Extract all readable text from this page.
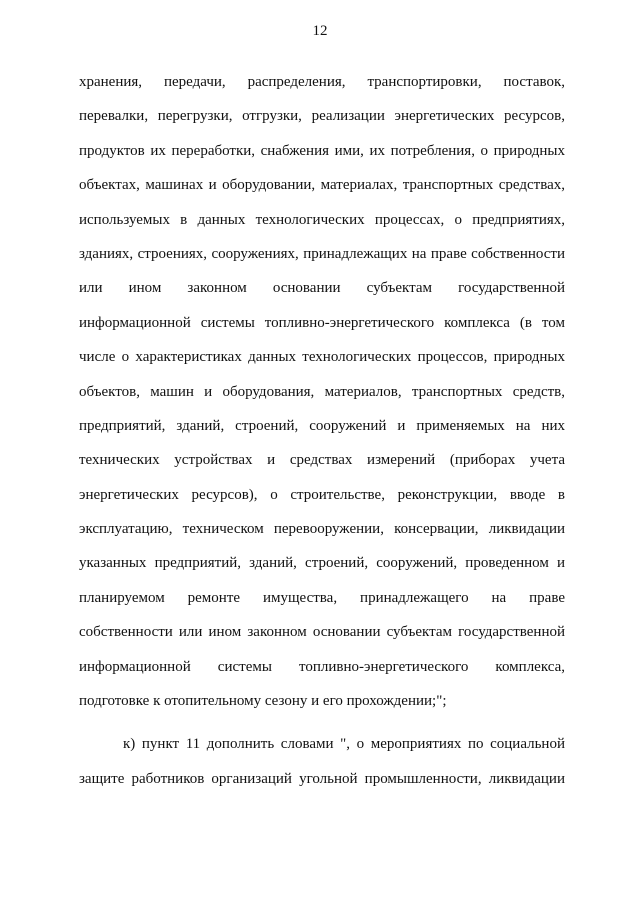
12
хранения, передачи, распределения, транспортировки, поставок,
перевалки, перегрузки, отгрузки, реализации энергетических ресурсов,
продуктов их переработки, снабжения ими, их потребления, о природных
объектах, машинах и оборудовании, материалах, транспортных средствах,
используемых в данных технологических процессах, о предприятиях,
зданиях, строениях, сооружениях, принадлежащих на праве собственности
или ином законном основании субъектам государственной
информационной системы топливно-энергетического комплекса (в том
числе о характеристиках данных технологических процессов, природных
объектов, машин и оборудования, материалов, транспортных средств,
предприятий, зданий, строений, сооружений и применяемых на них
технических устройствах и средствах измерений (приборах учета
энергетических ресурсов), о строительстве, реконструкции, вводе в
эксплуатацию, техническом перевооружении, консервации, ликвидации
указанных предприятий, зданий, строений, сооружений, проведенном и
планируемом ремонте имущества, принадлежащего на праве
собственности или ином законном основании субъектам государственной
информационной системы топливно-энергетического комплекса,
подготовке к отопительному сезону и его прохождении;";
к) пункт 11 дополнить словами ", о мероприятиях по социальной
защите работников организаций угольной промышленности, ликвидации
